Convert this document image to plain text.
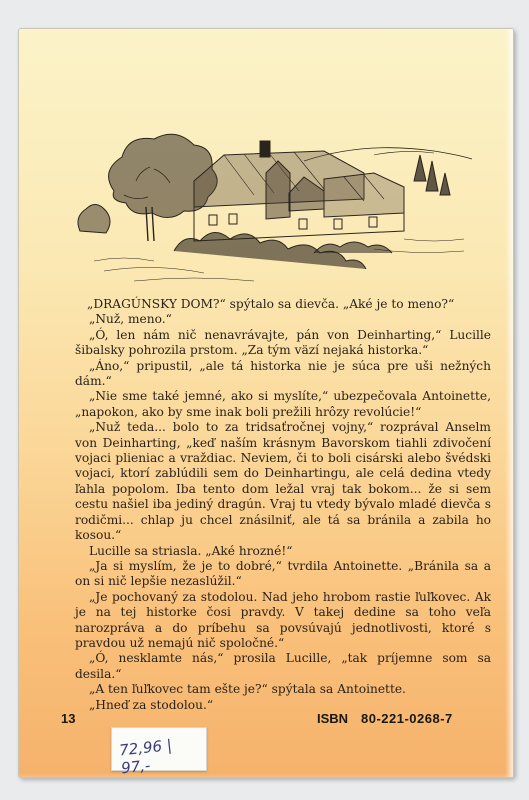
„DRAGÚNSKY DOM?“ spýtalo sa dievča. „Aké je to meno?“

„Nuž, meno.“

„Ó, len nám nič nenavrávajte, pán von Deinharting,“ Lucille šibalsky pohrozila prstom. „Za tým väzí nejaká historka.“

„Áno,“ pripustil, „ale tá historka nie je súca pre uši nežných dám.“

„Nie sme také jemné, ako si myslíte,“ ubezpečovala Antoinette, „napokon, ako by sme inak boli prežili hrôzy revolúcie!“

„Nuž teda... bolo to za tridsaťročnej vojny,“ rozprával Anselm von Deinharting, „keď naším krásnym Bavorskom tiahli zdivočení vojaci plieniac a vraždiac. Neviem, či to boli cisárski alebo švédski vojaci, ktorí zablúdili sem do Deinhartingu, ale celá dedina vtedy ľahla popolom. Iba tento dom ležal vraj tak bokom... že si sem cestu našiel iba jediný dragún. Vraj tu vtedy bývalo mladé dievča s rodičmi... chlap ju chcel znásilniť, ale tá sa bránila a zabila ho kosou.“

Lucille sa striasla. „Aké hrozné!“

„Ja si myslím, že je to dobré,“ tvrdila Antoinette. „Bránila sa a on si nič lepšie nezaslúžil.“

„Je pochovaný za stodolou. Nad jeho hrobom rastie ľuľkovec. Ak je na tej historke čosi pravdy. V takej dedine sa toho veľa narozpráva a do príbehu sa povsúvajú jednotlivosti, ktoré s pravdou už nemajú nič spoločné.“

„Ó, nesklamte nás,“ prosila Lucille, „tak príjemne som sa desila.“

„A ten ľuľkovec tam ešte je?“ spýtala sa Antoinette.

„Hneď za stodolou.“

13	ISBN 80-221-0268-7
72,96 | 97,-
